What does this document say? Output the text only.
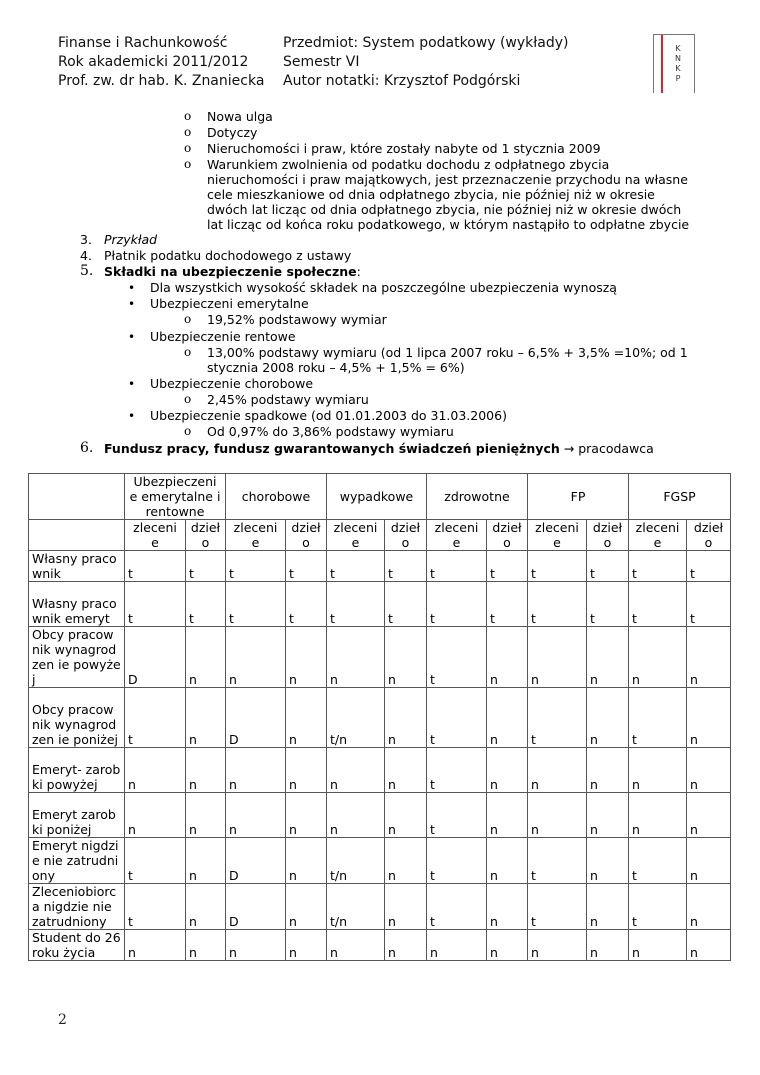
Finanse i Rachunkowość	Przedmiot: System podatkowy (wykłady)
Rok akademicki 2011/2012	Semestr VI
Prof. zw. dr hab. K. Znaniecka	Autor notatki: Krzysztof Podgórski
K
N
K
P
o Nowa ulga
o Dotyczy
o Nieruchomości i praw, które zostały nabyte od 1 stycznia 2009
o Warunkiem zwolnienia od podatku dochodu z odpłatnego zbycia
nieruchomości i praw majątkowych, jest przeznaczenie przychodu na własne
cele mieszkaniowe od dnia odpłatnego zbycia, nie później niż w okresie
dwóch lat licząc od dnia odpłatnego zbycia, nie później niż w okresie dwóch
lat licząc od końca roku podatkowego, w którym nastąpiło to odpłatne zbycie
3. Przykład
4. Płatnik podatku dochodowego z ustawy
5. Składki na ubezpieczenie społeczne:
• Dla wszystkich wysokość składek na poszczególne ubezpieczenia wynoszą
• Ubezpieczeni emerytalne
o 19,52% podstawowy wymiar
• Ubezpieczenie rentowe
o 13,00% podstawy wymiaru (od 1 lipca 2007 roku – 6,5% + 3,5% =10%; od 1
stycznia 2008 roku – 4,5% + 1,5% = 6%)
• Ubezpieczenie chorobowe
o 2,45% podstawy wymiaru
• Ubezpieczenie spadkowe (od 01.01.2003 do 31.03.2006)
o Od 0,97% do 3,86% podstawy wymiaru
6. Fundusz pracy, fundusz gwarantowanych świadczeń pieniężnych → pracodawca
	Ubezpieczeni e emerytalne i rentowne		chorobowe		wypadkowe		zdrowotne		FP		FGSP	
	zleceni e	dzieł o	zleceni e	dzieł o	zleceni e	dzieł o	zleceni e	dzieł o	zleceni e	dzieł o	zleceni e	dzieł o
Własny pracownik	t	t	t	t	t	t	t	t	t	t	t	t
Własny pracownik emeryt	t	t	t	t	t	t	t	t	t	t	t	t
Obcy pracownik wynagrodzen ie powyżej	D	n	n	n	n	n	t	n	n	n	n	n
Obcy pracownik wynagrodzen ie poniżej	t	n	D	n	t/n	n	t	n	t	n	t	n
Emeryt- zarobki powyżej	n	n	n	n	n	n	t	n	n	n	n	n
Emeryt zarobki poniżej	n	n	n	n	n	n	t	n	n	n	n	n
Emeryt nigdzie nie zatrudniony	t	n	D	n	t/n	n	t	n	t	n	t	n
Zleceniobiorc a nigdzie nie zatrudniony	t	n	D	n	t/n	n	t	n	t	n	t	n
Student do 26 roku życia	n	n	n	n	n	n	n	n	n	n	n	n
2
